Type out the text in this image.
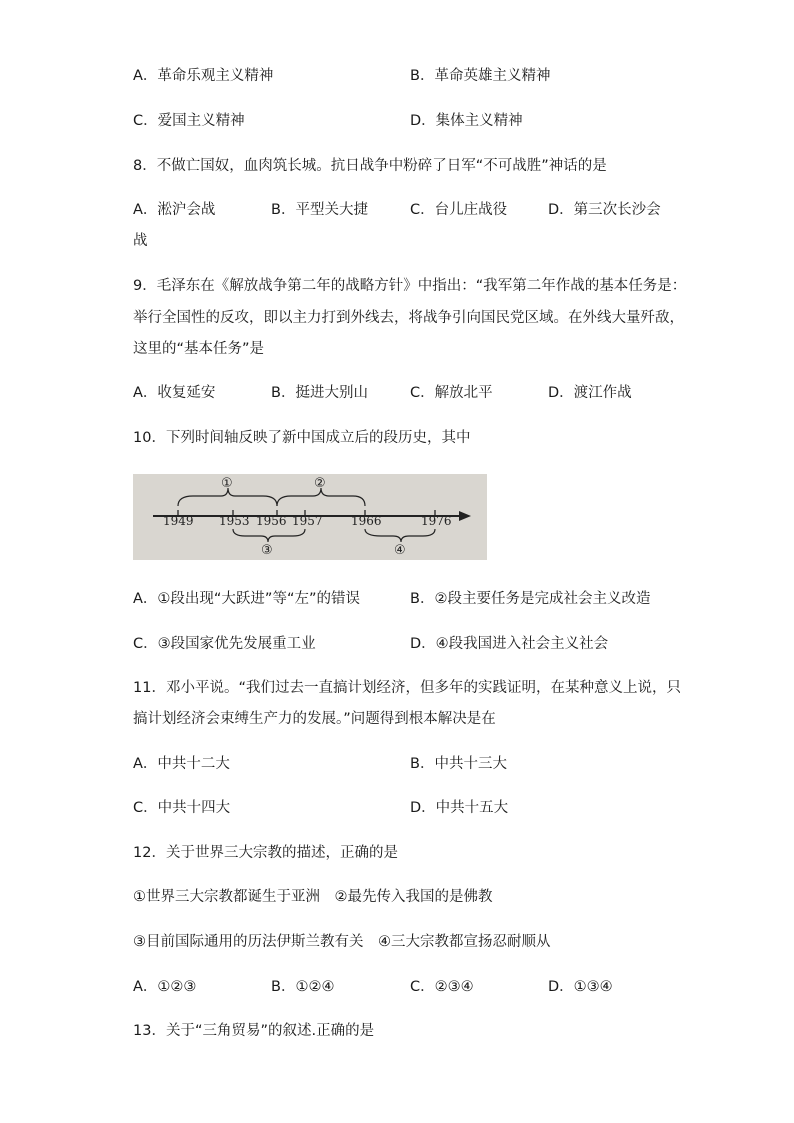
A．革命乐观主义精神	B．革命英雄主义精神
C．爱国主义精神	D．集体主义精神
8．不做亡国奴，血肉筑长城。抗日战争中粉碎了日军“不可战胜”神话的是
A．淞沪会战	B．平型关大捷	C．台儿庄战役	D．第三次长沙会
战
9．毛泽东在《解放战争第二年的战略方针》中指出：“我军第二年作战的基本任务是：
举行全国性的反攻，即以主力打到外线去，将战争引向国民党区域。在外线大量歼敌，
这里的“基本任务”是
A．收复延安	B．挺进大别山	C．解放北平	D．渡江作战
10．下列时间轴反映了新中国成立后的段历史，其中
1949 1953 1956 1957 1966	1976
①	②
③	④
A．①段出现“大跃进”等“左”的错误	B．②段主要任务是完成社会主义改造
C．③段国家优先发展重工业	D．④段我国进入社会主义社会
11．邓小平说。“我们过去一直搞计划经济，但多年的实践证明，在某种意义上说，只
搞计划经济会束缚生产力的发展。”问题得到根本解决是在
A．中共十二大	B．中共十三大
C．中共十四大	D．中共十五大
12．关于世界三大宗教的描述，正确的是
①世界三大宗教都诞生于亚洲　②最先传入我国的是佛教
③目前国际通用的历法伊斯兰教有关　④三大宗教都宣扬忍耐顺从
A．①②③	B．①②④	C．②③④	D．①③④
13．关于“三角贸易”的叙述.正确的是
